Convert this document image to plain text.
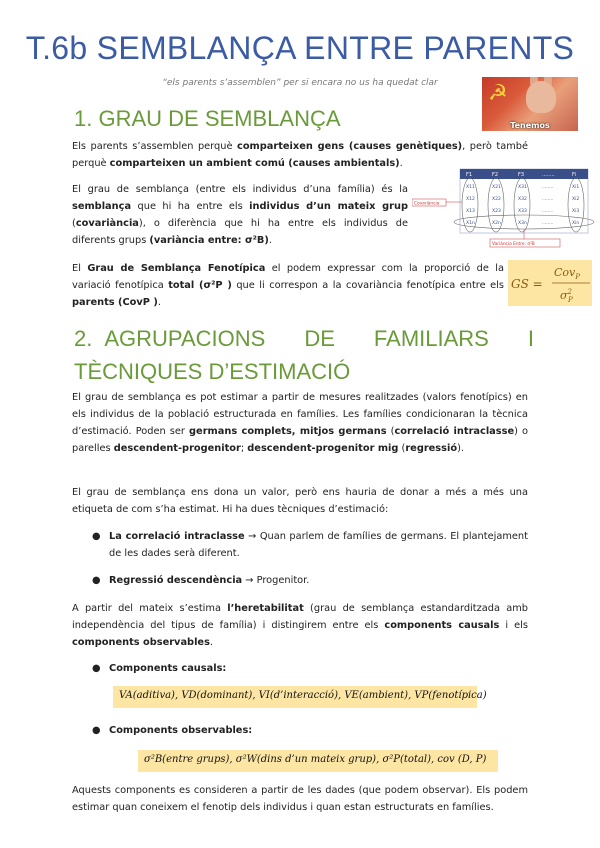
T.6b SEMBLANÇA ENTRE PARENTS
“els parents s’assemblen” per si encara no us ha quedat clar	☭
Tenemos
1. GRAU DE SEMBLANÇA

Els parents s’assemblen perquè comparteixen gens (causes genètiques), però també perquè comparteixen un ambient comú (causes ambientals).

El grau de semblança (entre els individus d’una família) és la semblança que hi ha entre els individus d’un mateix grup (covariància), o diferència que hi ha entre els individus de diferents grups (variància entre: σ²B).

F1	F2	F3	........	Fi
X11	X21	X31	........	Xi1
X12	X22	X32	........	Xi2
X13	X23	X33	........	Xi3
X1n	X2n	X3n	........	Xin
Covariància
Variància Entre: σ²B

El Grau de Semblança Fenotípica el podem expressar com la proporció de la variació fenotípica total (σ²P ) que li correspon a la covariància fenotípica entre els parents (CovP ).

GS =
Cov$_P$
$\sigma^2$ P
2. AGRUPACIONS DE FAMILIARS I TÈCNIQUES D’ESTIMACIÓ

El grau de semblança es pot estimar a partir de mesures realitzades (valors fenotípics) en els individus de la població estructurada en famílies. Les famílies condicionaran la tècnica d’estimació. Poden ser germans complets, mitjos germans (correlació intraclasse) o parelles descendent-progenitor; descendent-progenitor mig (regressió).

El grau de semblança ens dona un valor, però ens hauria de donar a més a més una etiqueta de com s’ha estimat. Hi ha dues tècniques d’estimació:

● La correlació intraclasse → Quan parlem de famílies de germans. El plantejament de les dades serà diferent.
● Regressió descendència → Progenitor.

A partir del mateix s’estima l’heretabilitat (grau de semblança estandarditzada amb independència del tipus de família) i distingirem entre els components causals i els components observables.

● Components causals:
VA(aditiva), VD(dominant), VI(d’interacció), VE(ambient), VP(fenotípica)
● Components observables:
σ²B(entre grups), σ²W(dins d’un mateix grup), σ²P(total), cov (D, P)

Aquests components es consideren a partir de les dades (que podem observar). Els podem estimar quan coneixem el fenotip dels individus i quan estan estructurats en famílies.
